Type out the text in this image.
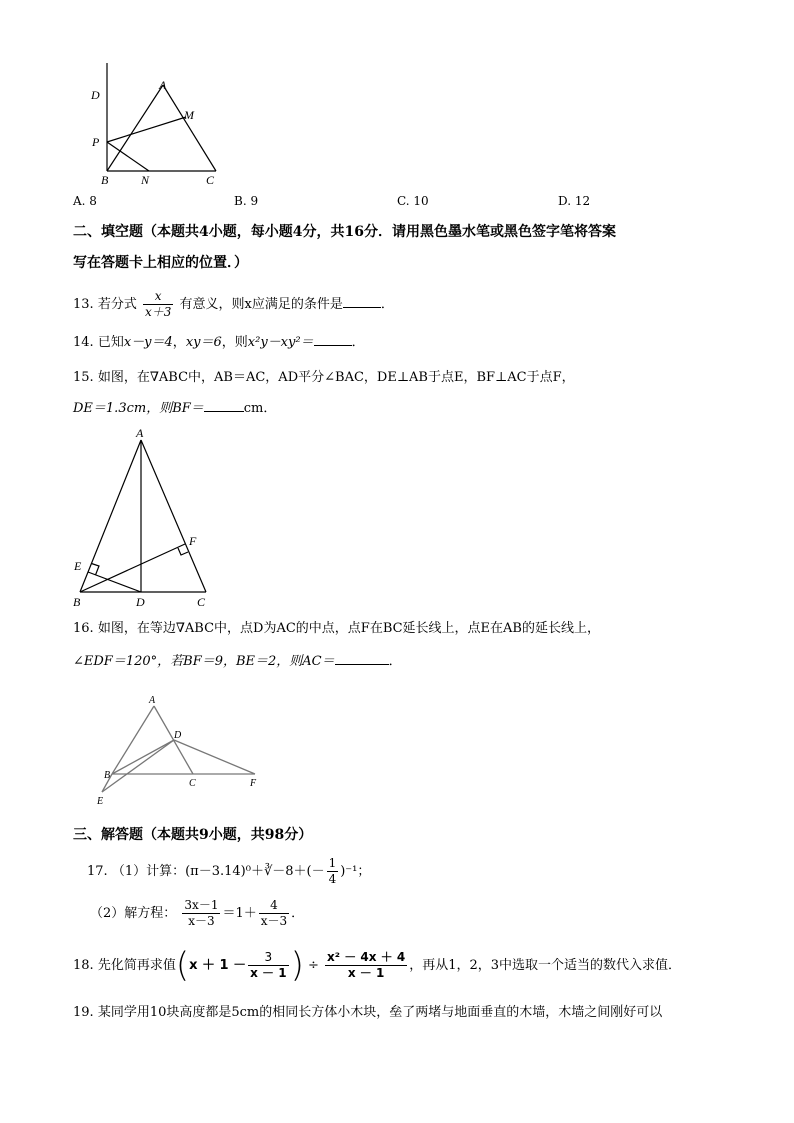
A
D
M
P
B	N	C
A. 8	B. 9	C. 10	D. 12
二、填空题（本题共4小题，每小题4分，共16分．请用黑色墨水笔或黑色签字笔将答案
写在答题卡上相应的位置．）
13. 若分式 $\frac{x}{x+3}$ 有意义，则x应满足的条件是	．
14. 已知x－y＝4，xy＝6，则x²y－xy²＝	．
15. 如图，在∇ABC中，AB＝AC，AD平分∠BAC，DE⊥AB于点E，BF⊥AC于点F，
DE＝1.3cm，则BF＝	cm．
A
F
E
B	D	C
16. 如图，在等边∇ABC中，点D为AC的中点，点F在BC延长线上，点E在AB的延长线上，
∠EDF＝120°，若BF＝9，BE＝2，则AC＝	．
A
D
B
C	F
E
三、解答题（本题共9小题，共98分）
17. （1）计算：(π－3.14)⁰＋∛－8＋(－ $\frac{1}{4} )^{-1}$；
（2）解方程： $\frac{3x-1}{x-3} =1+ \frac{4}{x-3}$ ．
18. 先化简再求值($x + 1 - \frac{3}{x - 1}$ ) ÷ $\frac{\text{x² － 4x ＋ 4}}{x - 1}$ ，再从1，2，3中选取一个适当的数代入求值．
19. 某同学用10块高度都是5cm的相同长方体小木块，垒了两堵与地面垂直的木墙，木墙之间刚好可以
